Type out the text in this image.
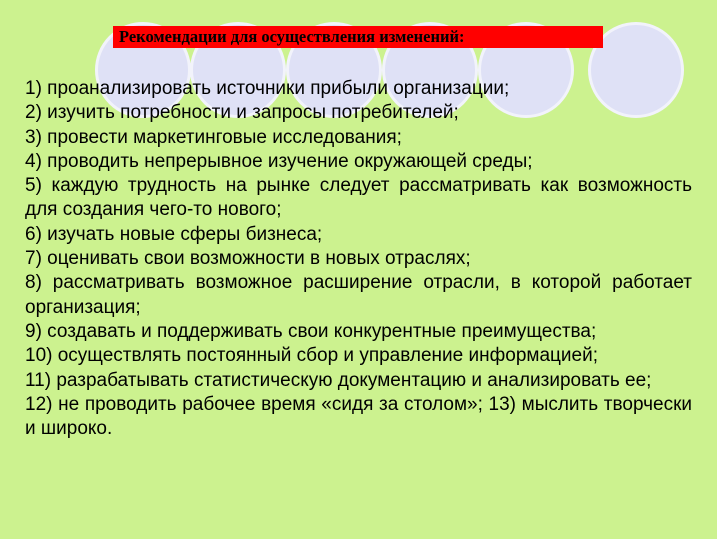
Рекомендации для осуществления изменений:

1) проанализировать источники прибыли организации;

2) изучить потребности и запросы потребителей;

3) провести маркетинговые исследования;

4) проводить непрерывное изучение окружающей среды;

5) каждую трудность на рынке следует рассматривать как возможность для создания чего-то нового;

6) изучать новые сферы бизнеса;

7) оценивать свои возможности в новых отраслях;

8) рассматривать возможное расширение отрасли, в которой работает организация;

9) создавать и поддерживать свои конкурентные преимущества;

10) осуществлять постоянный сбор и управление информацией;

11) разрабатывать статистическую документацию и анализировать ее;

12) не проводить рабочее время «сидя за столом»; 13) мыслить творчески и широко.
